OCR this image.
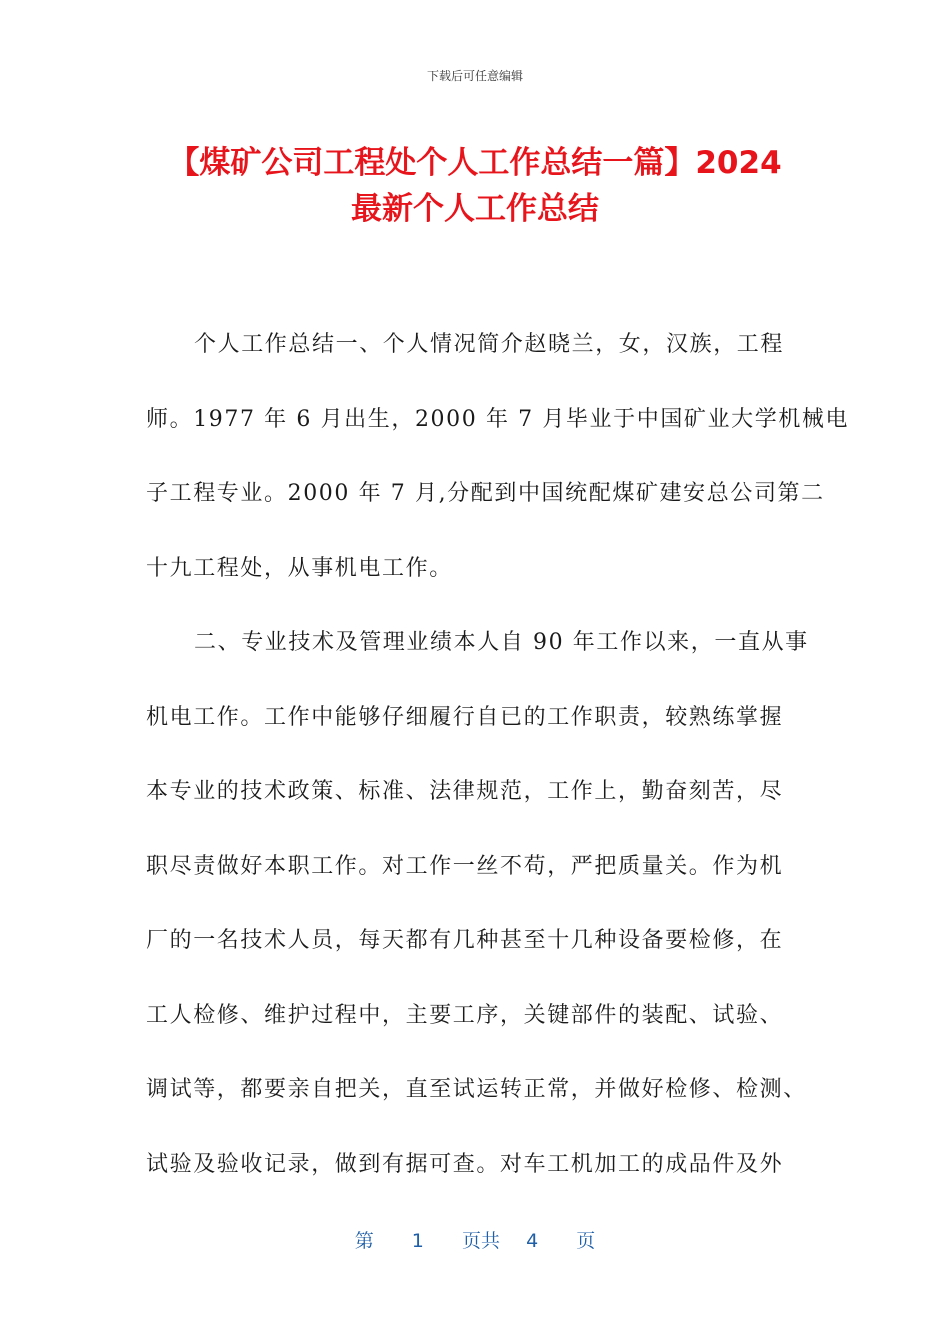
下载后可任意编辑
【煤矿公司工程处个人工作总结一篇】2024
最新个人工作总结
个人工作总结一、个人情况简介赵晓兰，女，汉族，工程
师。1977 年 6 月出生，2000 年 7 月毕业于中国矿业大学机械电
子工程专业。2000 年 7 月,分配到中国统配煤矿建安总公司第二
十九工程处，从事机电工作。
二、专业技术及管理业绩本人自 90 年工作以来，一直从事
机电工作。工作中能够仔细履行自已的工作职责，较熟练掌握
本专业的技术政策、标准、法律规范，工作上，勤奋刻苦，尽
职尽责做好本职工作。对工作一丝不苟，严把质量关。作为机
厂的一名技术人员，每天都有几种甚至十几种设备要检修，在
工人检修、维护过程中，主要工序，关键部件的装配、试验、
调试等，都要亲自把关，直至试运转正常，并做好检修、检测、
试验及验收记录，做到有据可查。对车工机加工的成品件及外
第 1 页共 4 页
